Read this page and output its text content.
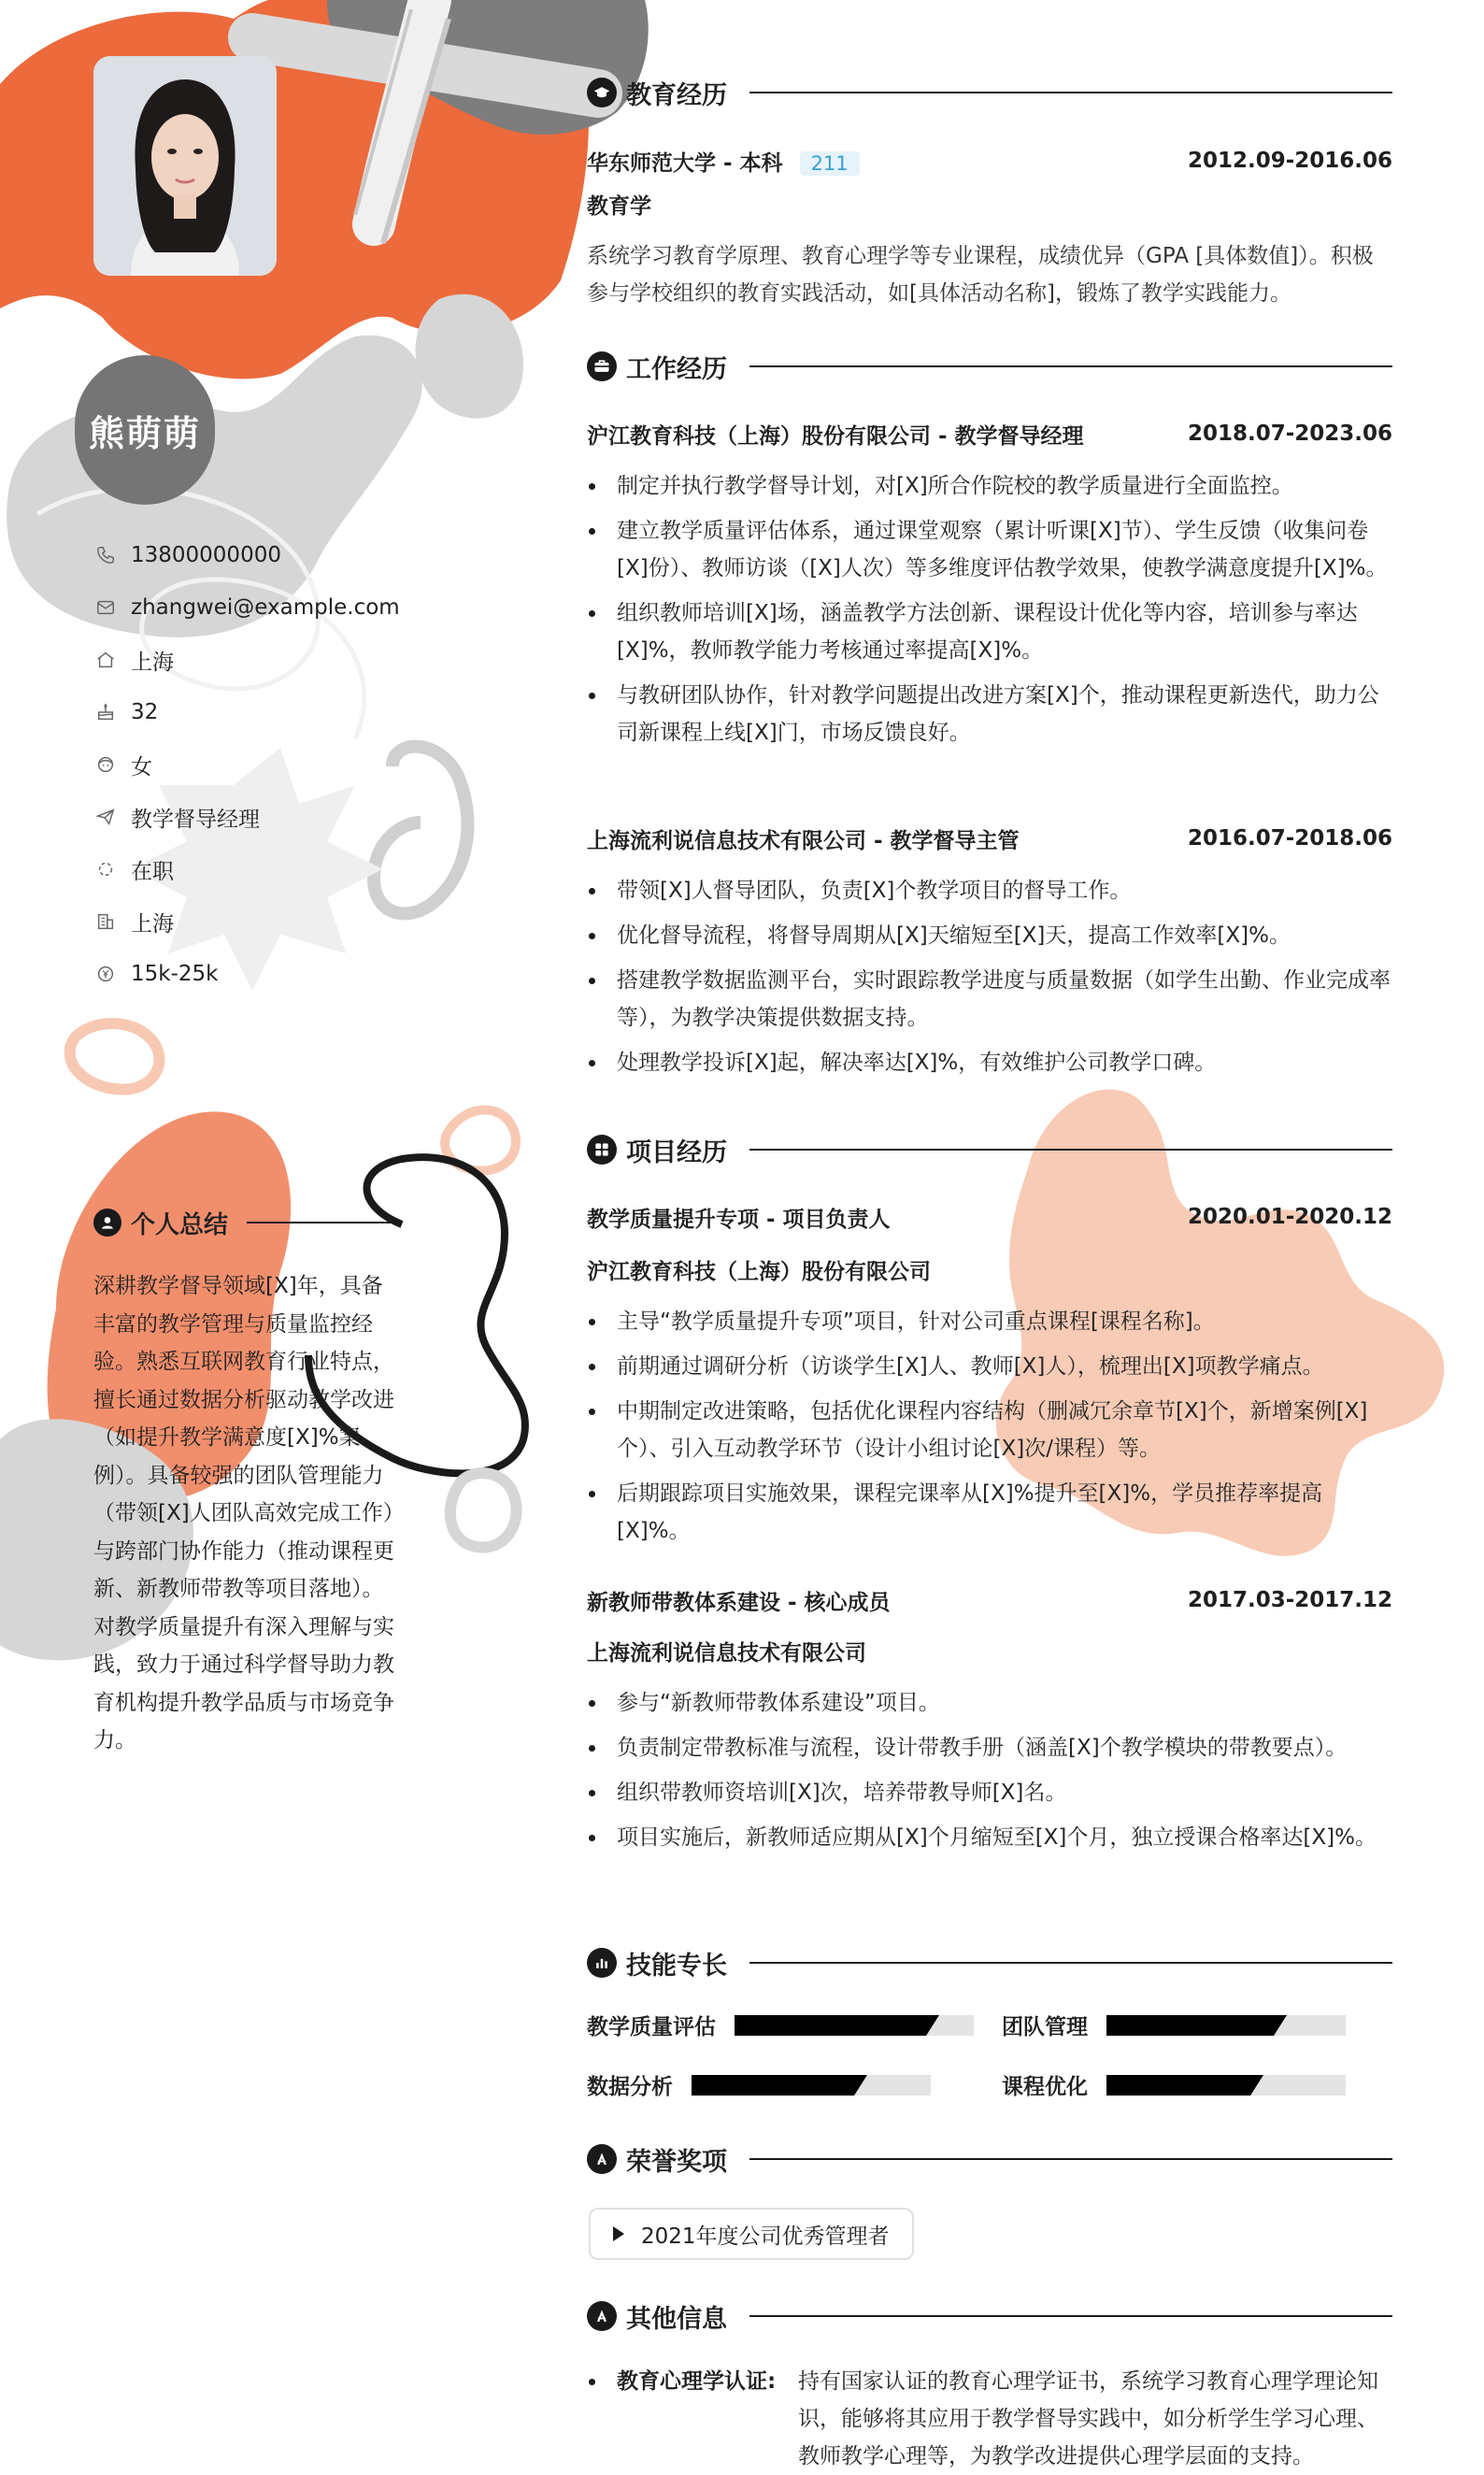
熊萌萌
13800000000
zhangwei@example.com
上海
32
女
教学督导经理
在职
上海
15k-25k
个人总结
深耕教学督导领域[X]年，具备丰富的教学管理与质量监控经验。熟悉互联网教育行业特点，擅长通过数据分析驱动教学改进（如提升教学满意度[X]%案例）。具备较强的团队管理能力（带领[X]人团队高效完成工作）与跨部门协作能力（推动课程更新、新教师带教等项目落地）。对教学质量提升有深入理解与实践，致力于通过科学督导助力教育机构提升教学品质与市场竞争力。
教育经历
华东师范大学 - 本科 211	2012.09-2016.06
教育学
系统学习教育学原理、教育心理学等专业课程，成绩优异（GPA [具体数值]）。积极参与学校组织的教育实践活动，如[具体活动名称]，锻炼了教学实践能力。
工作经历
沪江教育科技（上海）股份有限公司 - 教学督导经理	2018.07-2023.06
制定并执行教学督导计划，对[X]所合作院校的教学质量进行全面监控。
建立教学质量评估体系，通过课堂观察（累计听课[X]节）、学生反馈（收集问卷[X]份）、教师访谈（[X]人次）等多维度评估教学效果，使教学满意度提升[X]%。
组织教师培训[X]场，涵盖教学方法创新、课程设计优化等内容，培训参与率达[X]%，教师教学能力考核通过率提高[X]%。
与教研团队协作，针对教学问题提出改进方案[X]个，推动课程更新迭代，助力公司新课程上线[X]门，市场反馈良好。
上海流利说信息技术有限公司 - 教学督导主管	2016.07-2018.06
带领[X]人督导团队，负责[X]个教学项目的督导工作。
优化督导流程，将督导周期从[X]天缩短至[X]天，提高工作效率[X]%。
搭建教学数据监测平台，实时跟踪教学进度与质量数据（如学生出勤、作业完成率等），为教学决策提供数据支持。
处理教学投诉[X]起，解决率达[X]%，有效维护公司教学口碑。
项目经历
教学质量提升专项 - 项目负责人	2020.01-2020.12
沪江教育科技（上海）股份有限公司
主导“教学质量提升专项”项目，针对公司重点课程[课程名称]。
前期通过调研分析（访谈学生[X]人、教师[X]人），梳理出[X]项教学痛点。
中期制定改进策略，包括优化课程内容结构（删减冗余章节[X]个，新增案例[X]个）、引入互动教学环节（设计小组讨论[X]次/课程）等。
后期跟踪项目实施效果，课程完课率从[X]%提升至[X]%，学员推荐率提高[X]%。
新教师带教体系建设 - 核心成员	2017.03-2017.12
上海流利说信息技术有限公司
参与“新教师带教体系建设”项目。
负责制定带教标准与流程，设计带教手册（涵盖[X]个教学模块的带教要点）。
组织带教师资培训[X]次，培养带教导师[X]名。
项目实施后，新教师适应期从[X]个月缩短至[X]个月，独立授课合格率达[X]%。
技能专长
教学质量评估	团队管理
数据分析	课程优化
荣誉奖项
2021年度公司优秀管理者
其他信息
教育心理学认证: 持有国家认证的教育心理学证书，系统学习教育心理学理论知识，能够将其应用于教学督导实践中，如分析学生学习心理、教师教学心理等，为教学改进提供心理学层面的支持。
